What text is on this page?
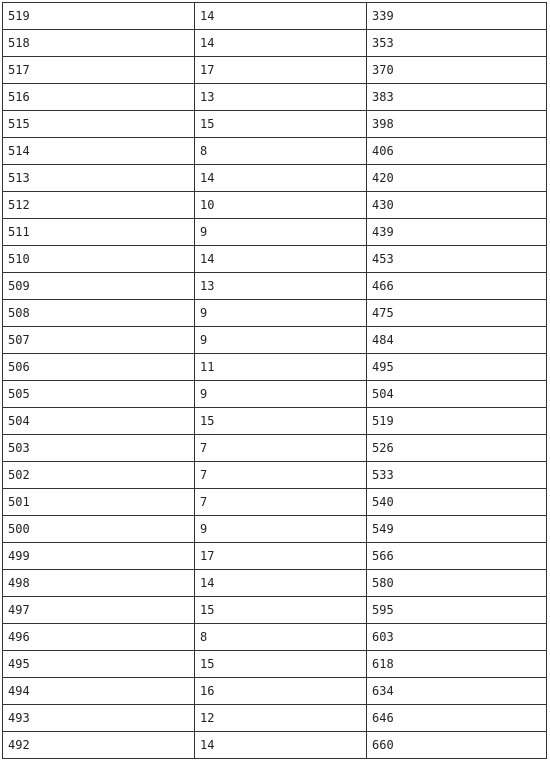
519	14	339
518	14	353
517	17	370
516	13	383
515	15	398
514	8	406
513	14	420
512	10	430
511	9	439
510	14	453
509	13	466
508	9	475
507	9	484
506	11	495
505	9	504
504	15	519
503	7	526
502	7	533
501	7	540
500	9	549
499	17	566
498	14	580
497	15	595
496	8	603
495	15	618
494	16	634
493	12	646
492	14	660
